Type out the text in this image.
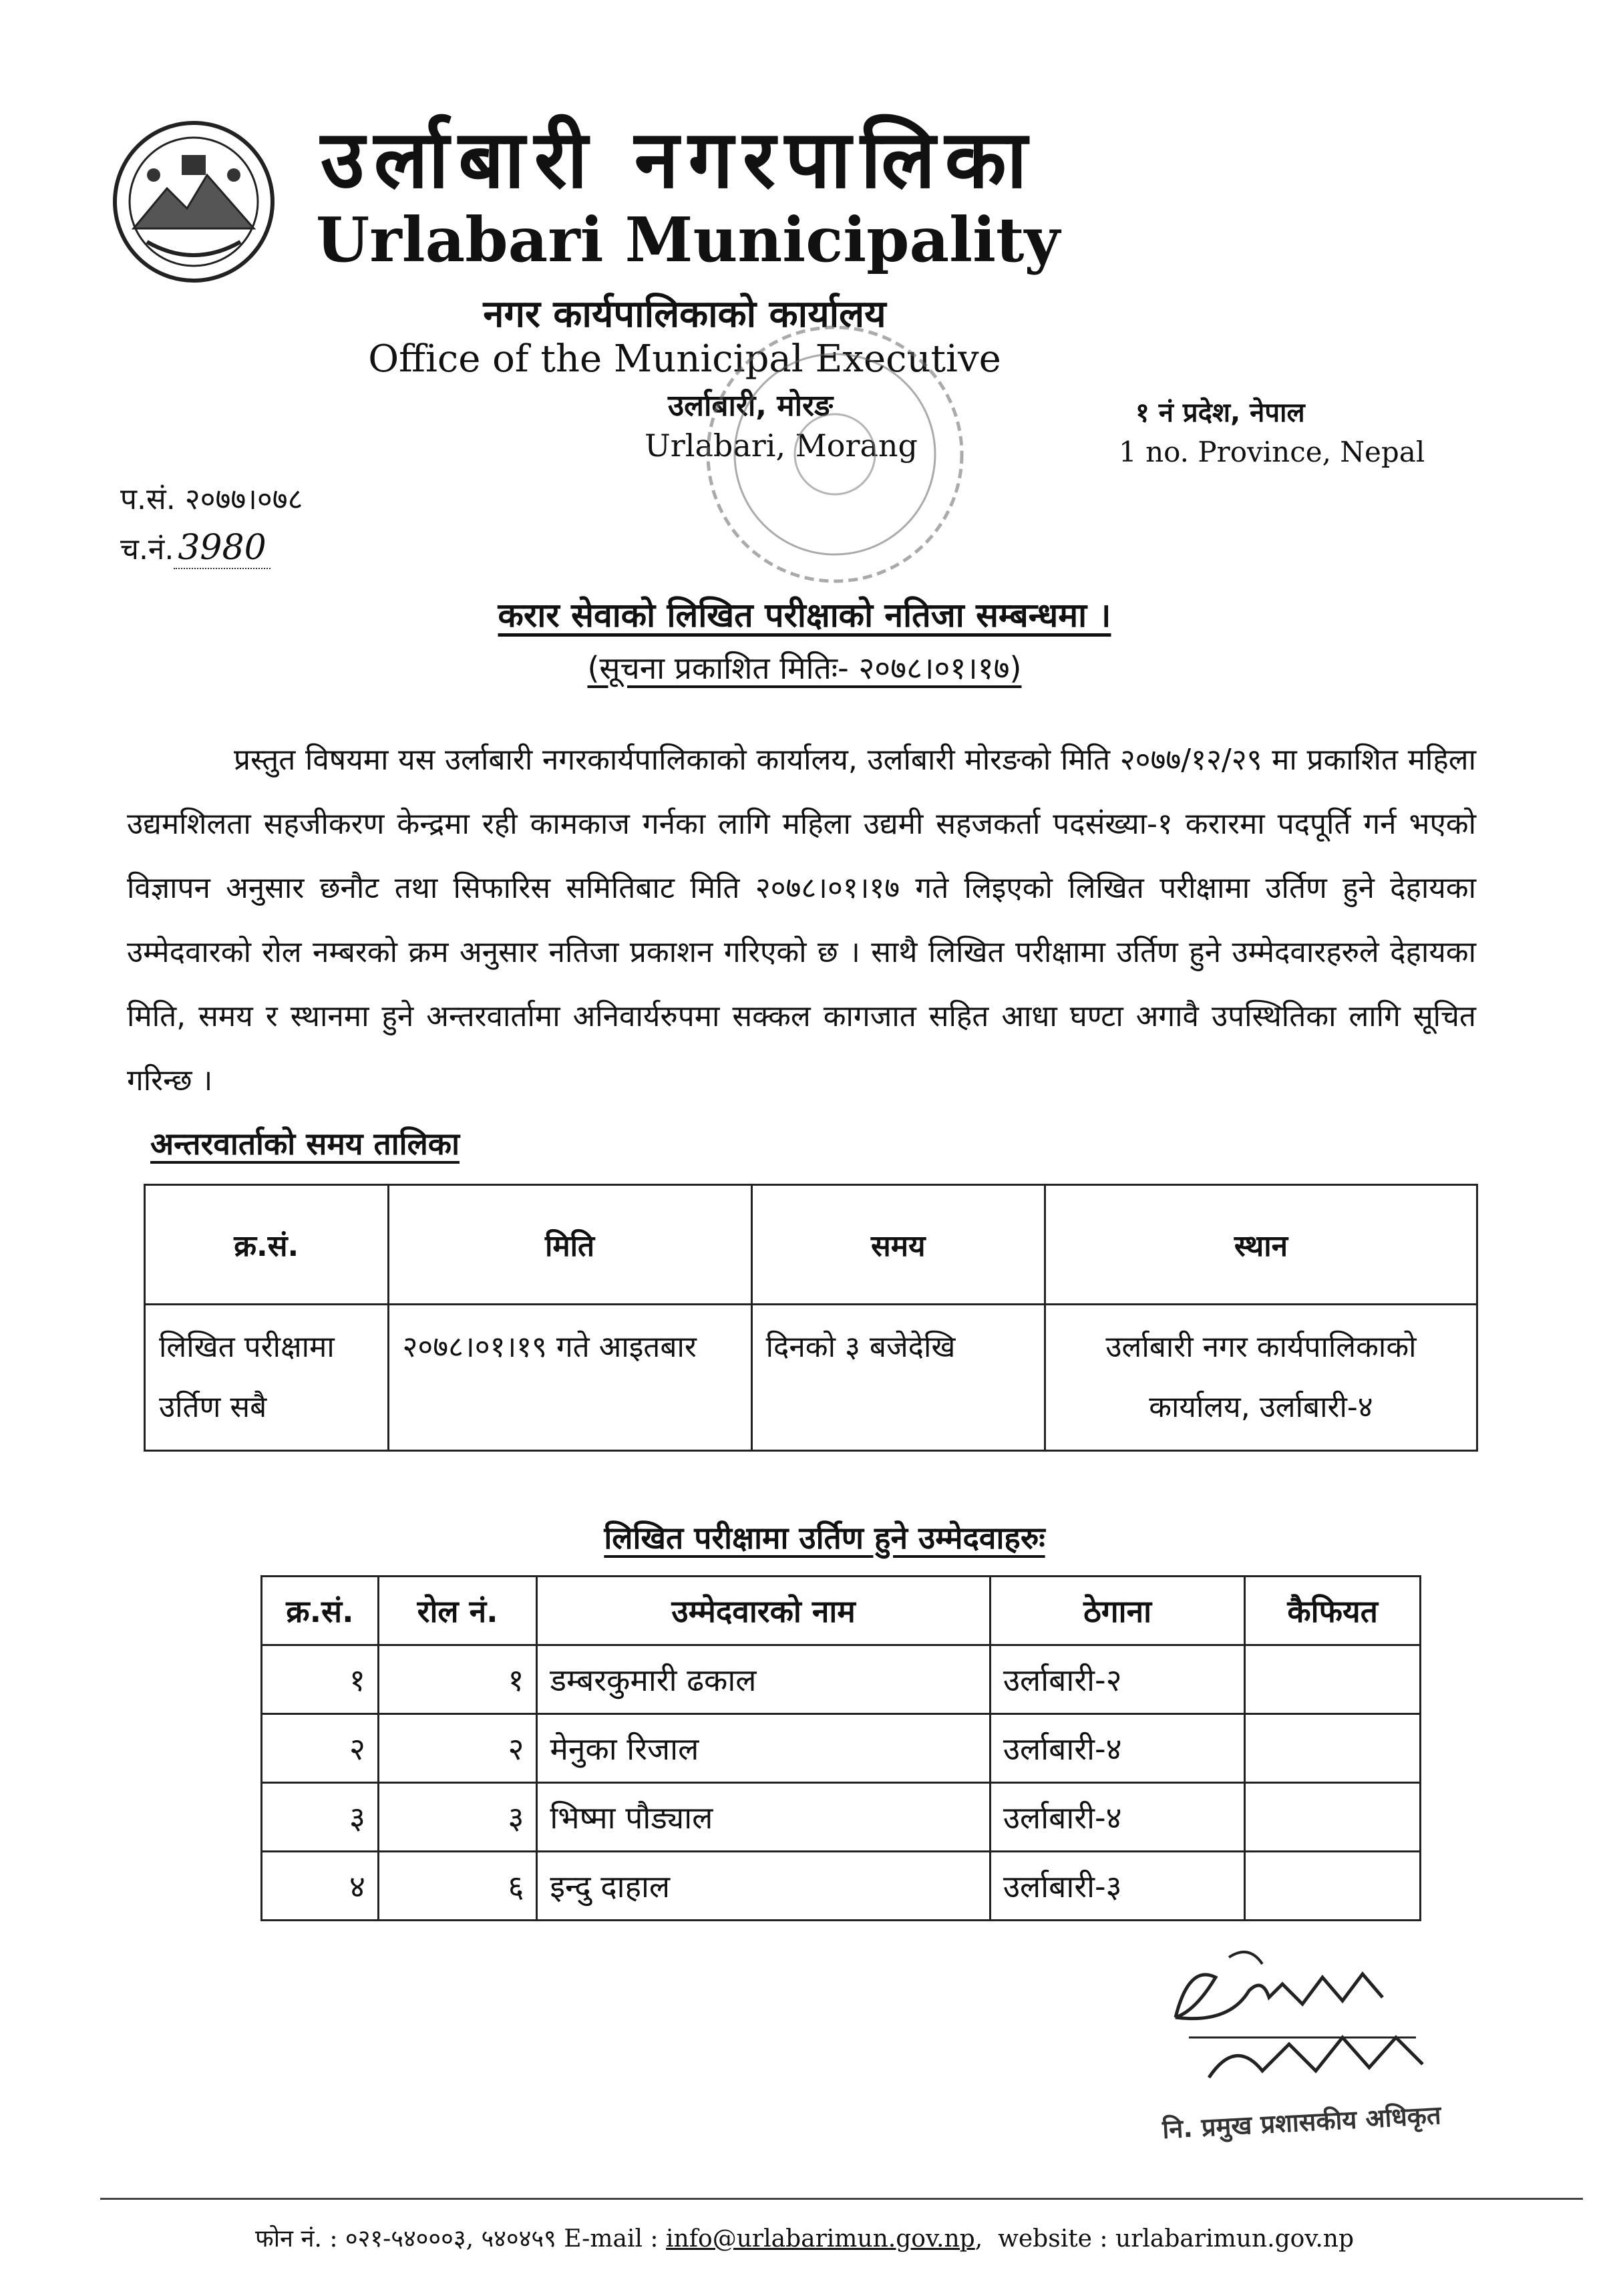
उर्लाबारी नगरपालिका
Urlabari Municipality
नगर कार्यपालिकाको कार्यालय
Office of the Municipal Executive
उर्लाबारी, मोरङ
Urlabari, Morang
१ नं प्रदेश, नेपाल
1 no. Province, Nepal
प.सं. २०७७।०७८
च.नं. 3980
करार सेवाको लिखित परीक्षाको नतिजा सम्बन्धमा ।
(सूचना प्रकाशित मितिः- २०७८।०१।१७)
प्रस्तुत विषयमा यस उर्लाबारी नगरकार्यपालिकाको कार्यालय, उर्लाबारी मोरङको मिति २०७७/१२/२९ मा प्रकाशित महिला उद्यमशिलता सहजीकरण केन्द्रमा रही कामकाज गर्नका लागि महिला उद्यमी सहजकर्ता पदसंख्या-१ करारमा पदपूर्ति गर्न भएको विज्ञापन अनुसार छनौट तथा सिफारिस समितिबाट मिति २०७८।०१।१७ गते लिइएको लिखित परीक्षामा उर्तिण हुने देहायका उम्मेदवारको रोल नम्बरको क्रम अनुसार नतिजा प्रकाशन गरिएको छ । साथै लिखित परीक्षामा उर्तिण हुने उम्मेदवारहरुले देहायका मिति, समय र स्थानमा हुने अन्तरवार्तामा अनिवार्यरुपमा सक्कल कागजात सहित आधा घण्टा अगावै उपस्थितिका लागि सूचित गरिन्छ ।
अन्तरवार्ताको समय तालिका
क्र.सं.	मिति	समय	स्थान
लिखित परीक्षामा उर्तिण सबै	२०७८।०१।१९ गते आइतबार	दिनको ३ बजेदेखि	उर्लाबारी नगर कार्यपालिकाको कार्यालय, उर्लाबारी-४
लिखित परीक्षामा उर्तिण हुने उम्मेदवाहरुः
क्र.सं.	रोल नं.	उम्मेदवारको नाम	ठेगाना	कैफियत
१	१	डम्बरकुमारी ढकाल	उर्लाबारी-२	
२	२	मेनुका रिजाल	उर्लाबारी-४	
३	३	भिष्मा पौड्याल	उर्लाबारी-४	
४	६	इन्दु दाहाल	उर्लाबारी-३	
नि. प्रमुख प्रशासकीय अधिकृत
फोन नं. : ०२१-५४०००३, ५४०४५९ E-mail : info@urlabarimun.gov.np,  website : urlabarimun.gov.np
